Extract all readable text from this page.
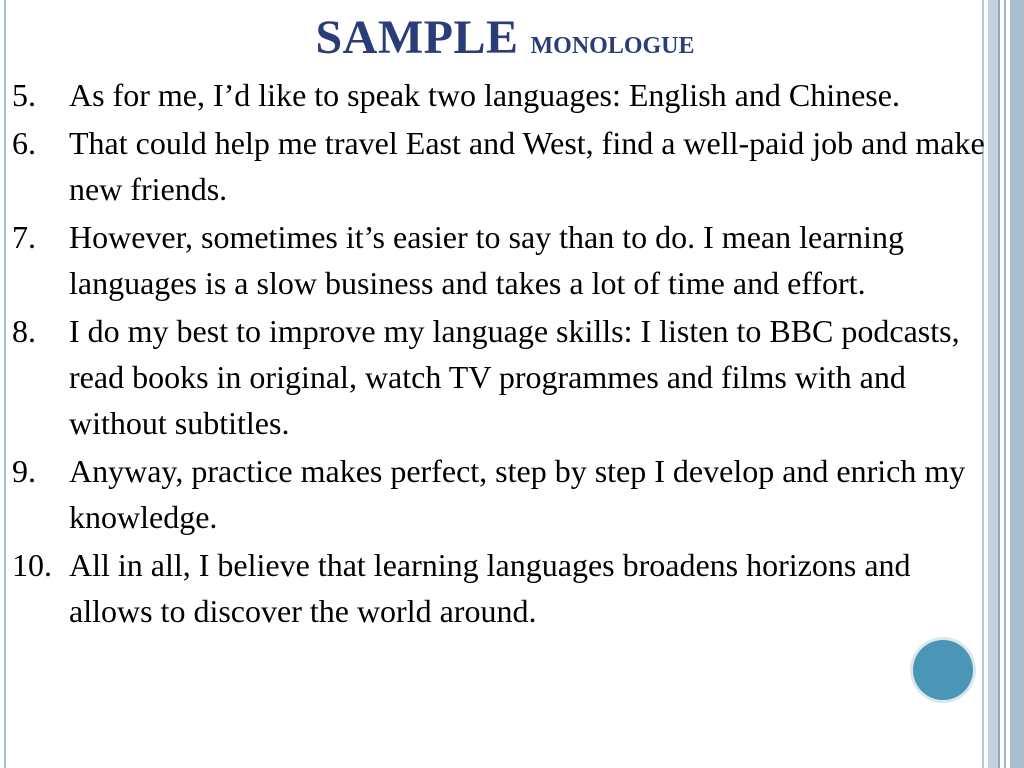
SAMPLE monologue
5.	As for me, I’d like to speak two languages: English and Chinese.
6.	That could help me travel East and West, find a well-paid job and make new friends.
7.	However, sometimes it’s easier to say than to do. I mean learning languages is a slow business and takes a lot of time and effort.
8.	I do my best to improve my language skills: I listen to BBC podcasts, read books in original, watch TV programmes and films with and without subtitles.
9.	Anyway, practice makes perfect, step by step I develop and enrich my knowledge.
10. All in all, I believe that learning languages broadens horizons and allows to discover the world around.
